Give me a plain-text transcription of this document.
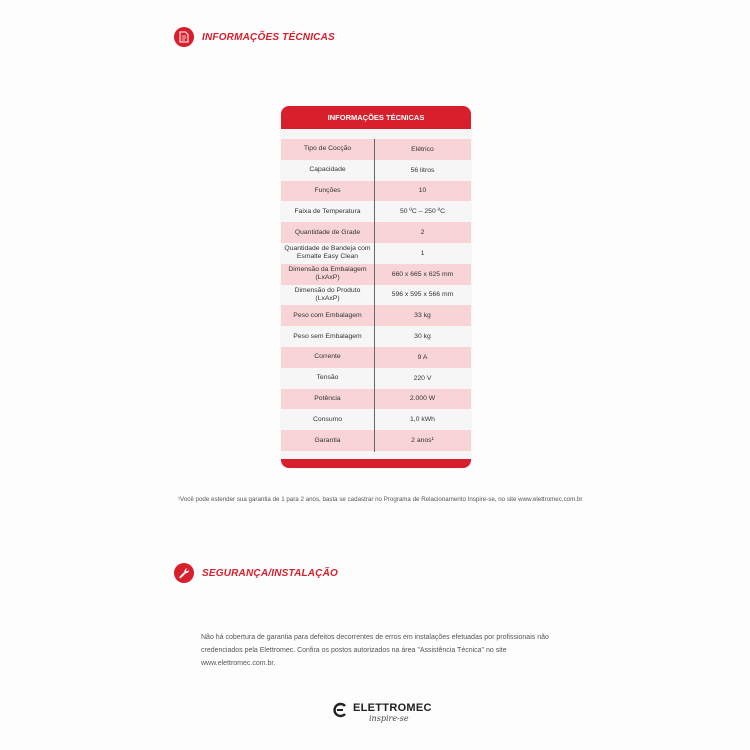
INFORMAÇÕES TÉCNICAS
INFORMAÇÕES TÉCNICAS
Tipo de Cocção	Elétrico
Capacidade	56 litros
Funções	10
Faixa de Temperatura	50 ºC – 250 ºC
Quantidade de Grade	2
Quantidade de Bandeja com
Esmalte Easy Clean	1
Dimensão da Embalagem
(LxAxP)	660 x 665 x 625 mm
Dimensão do Produto
(LxAxP)	596 x 595 x 566 mm
Peso com Embalagem	33 kg
Peso sem Embalagem	30 kg
Corrente	9 A
Tensão	220 V
Potência	2.000 W
Consumo	1,0 kWh
Garantia	2 anos¹
¹Você pode estender sua garantia de 1 para 2 anos, basta se cadastrar no Programa de Relacionamento Inspire-se, no site www.elettromec.com.br
SEGURANÇA/INSTALAÇÃO
Não há cobertura de garantia para defeitos decorrentes de erros em instalações efetuadas por profissionais não credenciados pela Elettromec. Confira os postos autorizados na área "Assistência Técnica" no site www.elettromec.com.br.
ELETTROMEC
inspire-se
